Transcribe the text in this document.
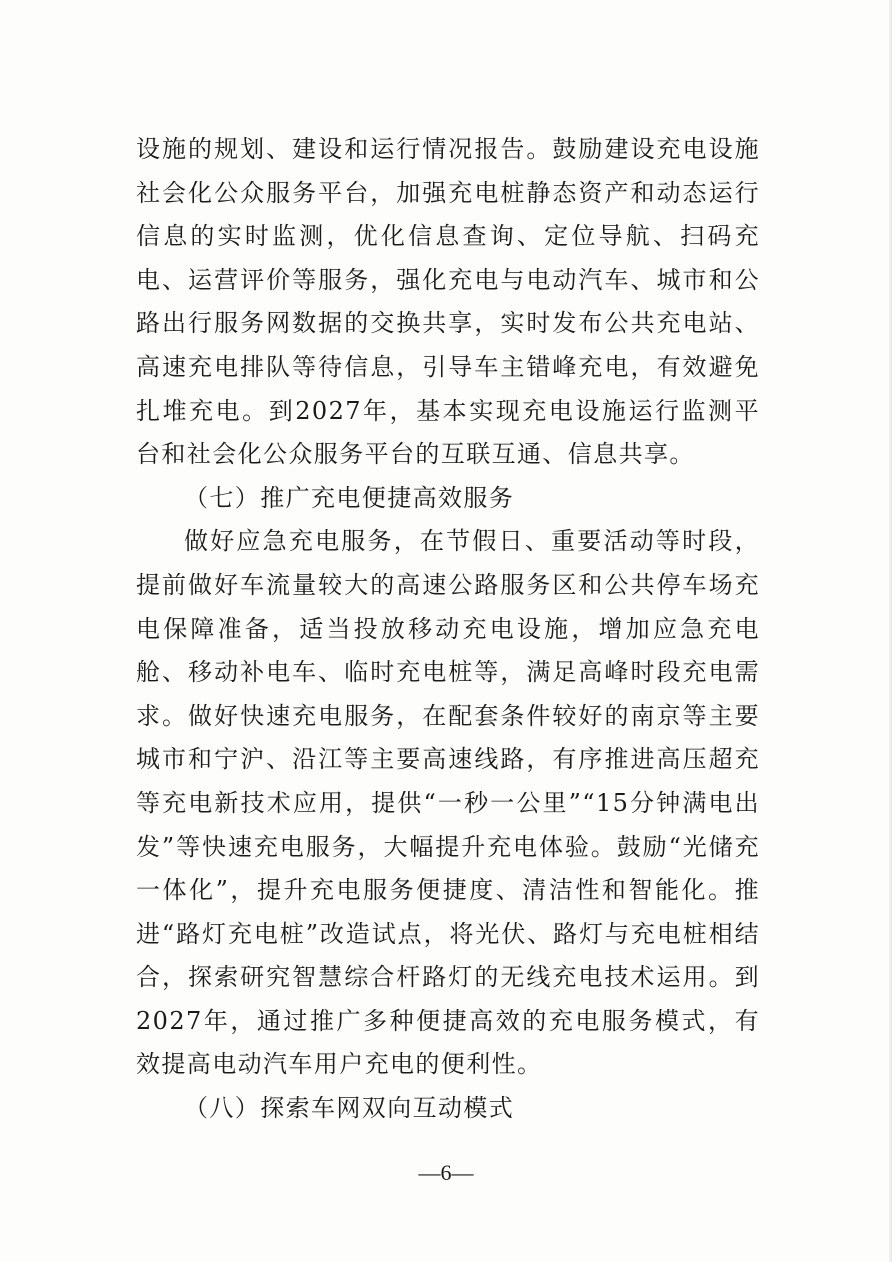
设施的规划、建设和运行情况报告。鼓励建设充电设施社会化公众服务平台，加强充电桩静态资产和动态运行信息的实时监测，优化信息查询、定位导航、扫码充电、运营评价等服务，强化充电与电动汽车、城市和公路出行服务网数据的交换共享，实时发布公共充电站、高速充电排队等待信息，引导车主错峰充电，有效避免扎堆充电。到2027年，基本实现充电设施运行监测平台和社会化公众服务平台的互联互通、信息共享。

（七）推广充电便捷高效服务

做好应急充电服务，在节假日、重要活动等时段，提前做好车流量较大的高速公路服务区和公共停车场充电保障准备，适当投放移动充电设施，增加应急充电舱、移动补电车、临时充电桩等，满足高峰时段充电需求。做好快速充电服务，在配套条件较好的南京等主要城市和宁沪、沿江等主要高速线路，有序推进高压超充等充电新技术应用，提供“一秒一公里”“15分钟满电出发”等快速充电服务，大幅提升充电体验。鼓励“光储充一体化”，提升充电服务便捷度、清洁性和智能化。推进“路灯充电桩”改造试点，将光伏、路灯与充电桩相结合，探索研究智慧综合杆路灯的无线充电技术运用。到2027年，通过推广多种便捷高效的充电服务模式，有效提高电动汽车用户充电的便利性。

（八）探索车网双向互动模式

—6—
